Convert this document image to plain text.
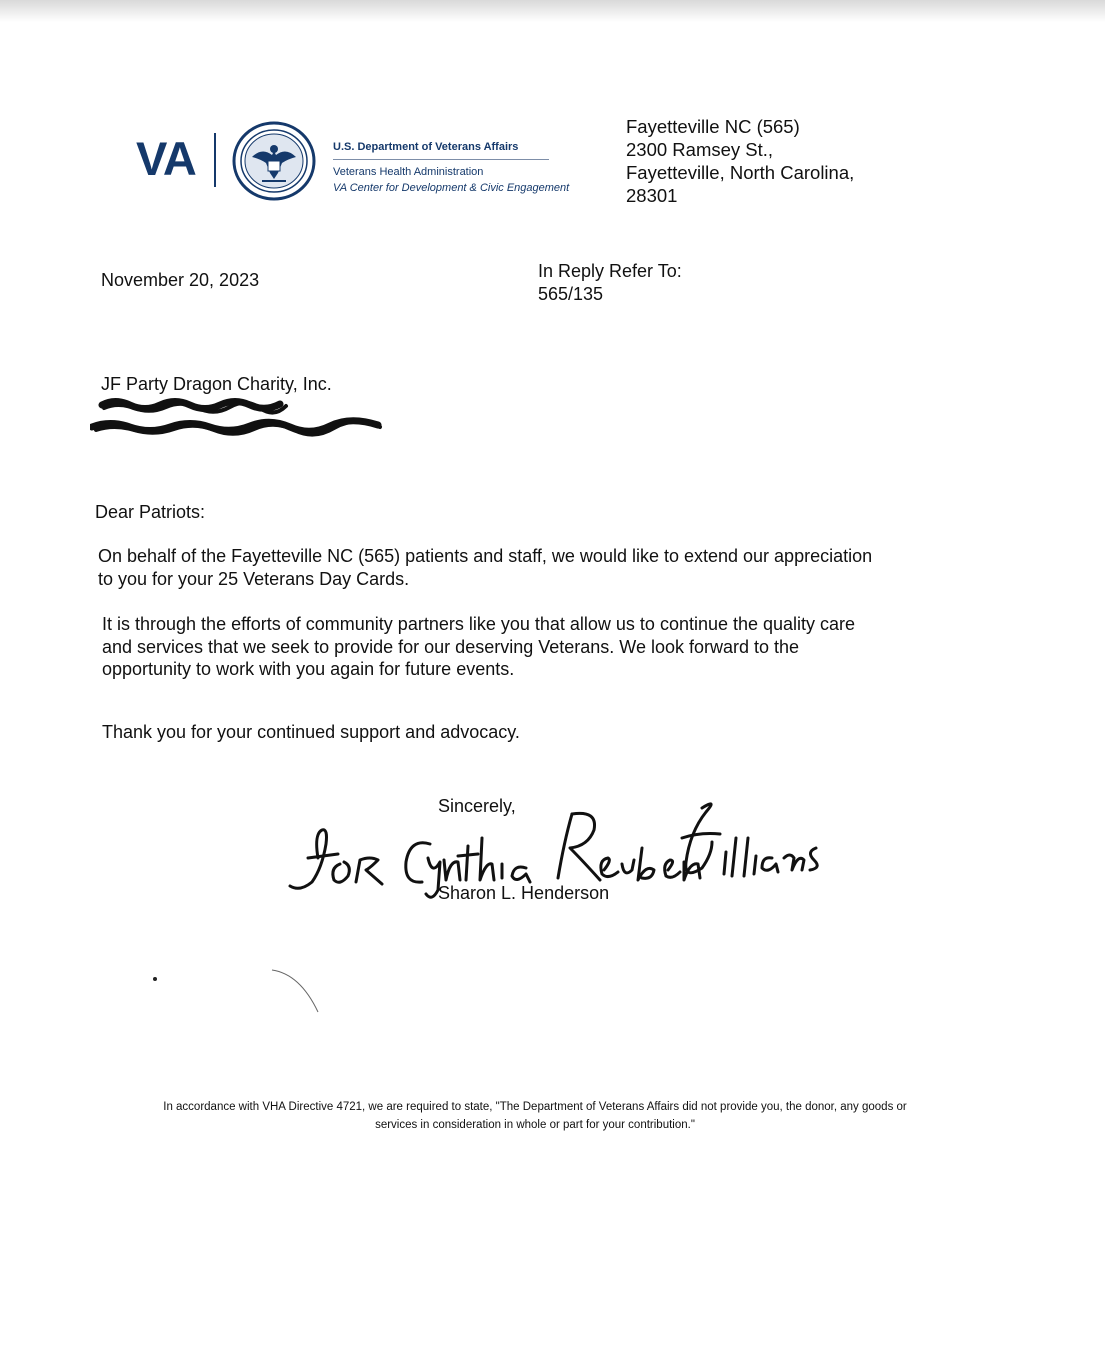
VA	U.S. Department of Veterans Affairs
Veterans Health Administration
VA Center for Development & Civic Engagement
Fayetteville NC (565)
2300 Ramsey St.,
Fayetteville, North Carolina,
28301
November 20, 2023	In Reply Refer To:
565/135
JF Party Dragon Charity, Inc.
Dear Patriots:
On behalf of the Fayetteville NC (565) patients and staff, we would like to extend our appreciation
to you for your 25 Veterans Day Cards.
It is through the efforts of community partners like you that allow us to continue the quality care
and services that we seek to provide for our deserving Veterans. We look forward to the
opportunity to work with you again for future events.
Thank you for your continued support and advocacy.
Sincerely,
Sharon L. Henderson
In accordance with VHA Directive 4721, we are required to state, "The Department of Veterans Affairs did not provide you, the donor, any goods or
services in consideration in whole or part for your contribution."
